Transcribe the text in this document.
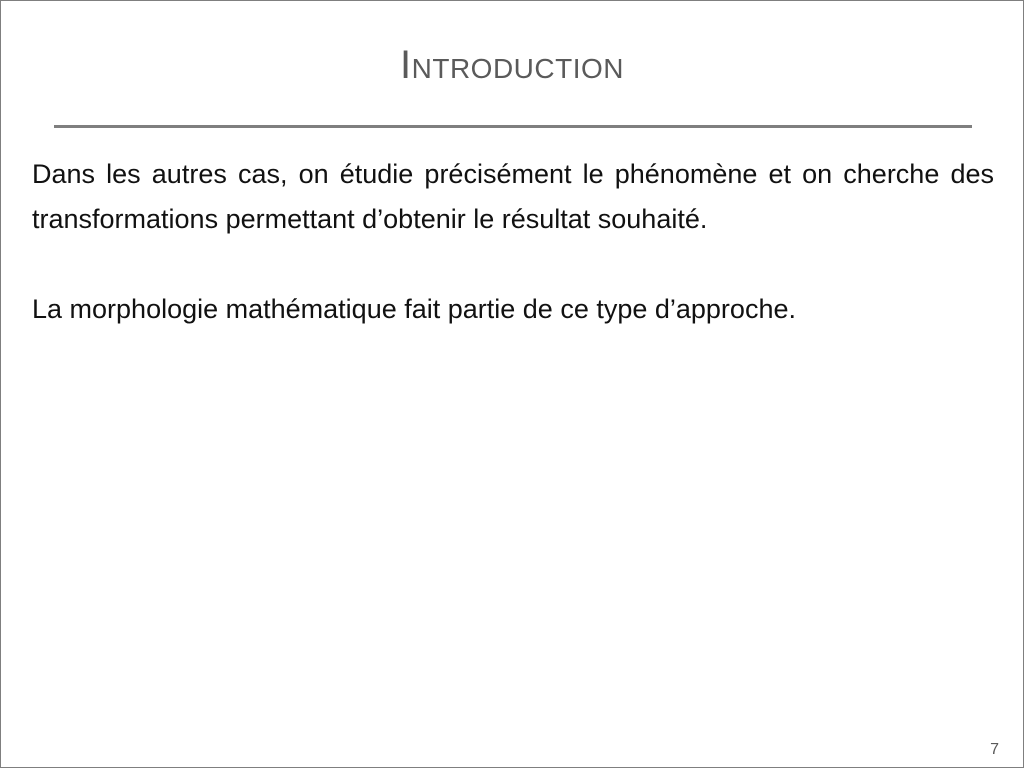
Introduction

Dans les autres cas, on étudie précisément le phénomène et on cherche des transformations permettant d’obtenir le résultat souhaité.

La morphologie mathématique fait partie de ce type d’approche.

7
